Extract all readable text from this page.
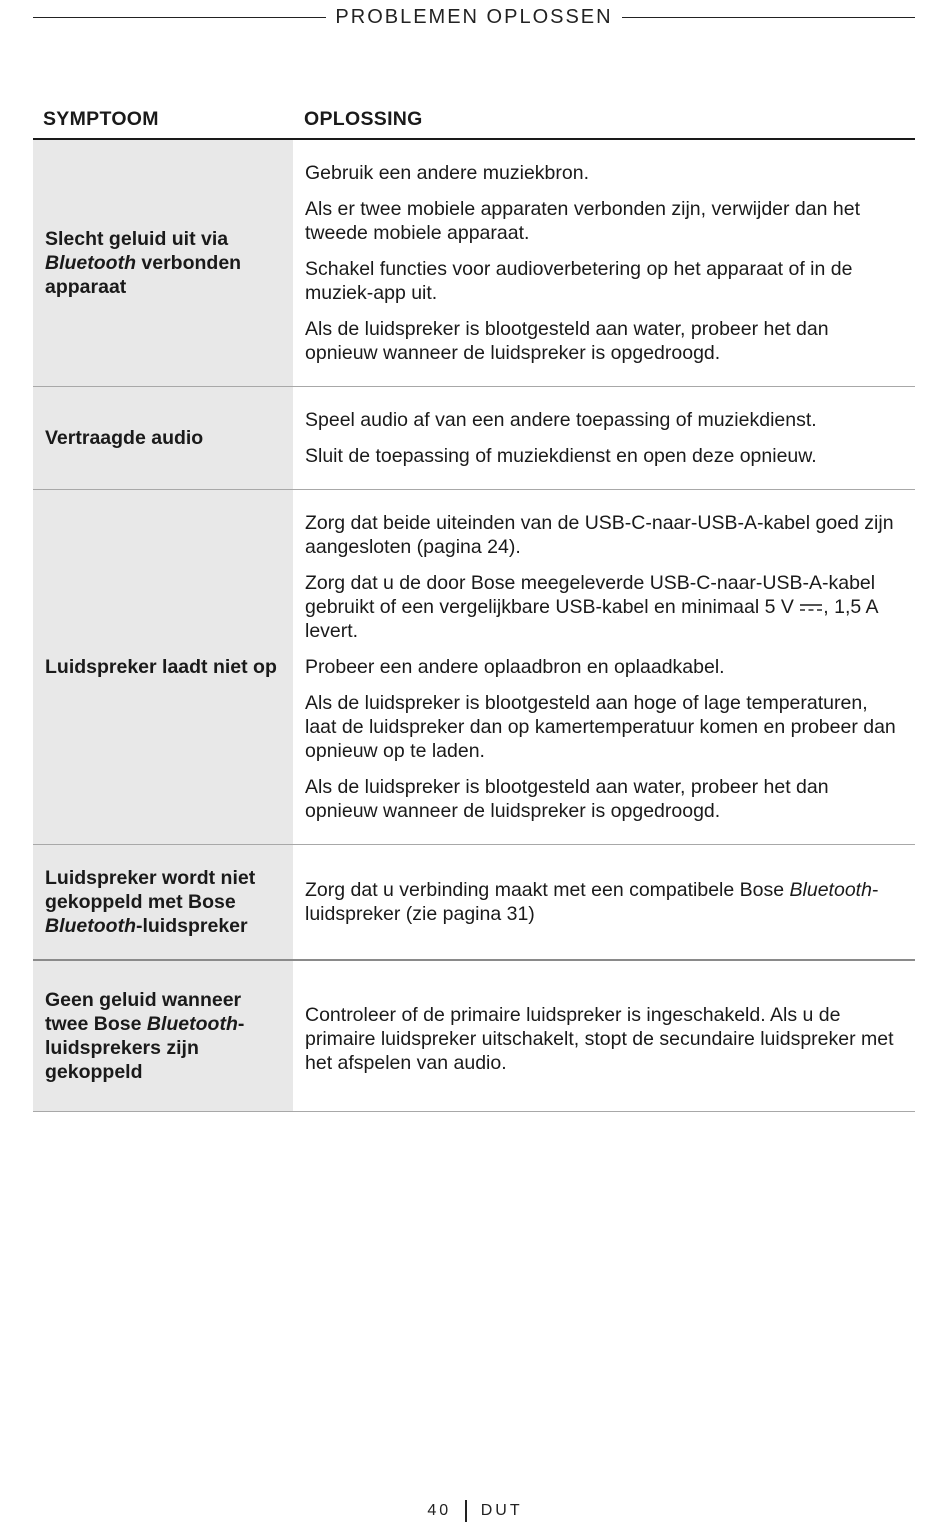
PROBLEMEN OPLOSSEN
SYMPTOOM	OPLOSSING
Slecht geluid uit via Bluetooth verbonden apparaat

Gebruik een andere muziekbron.

Als er twee mobiele apparaten verbonden zijn, verwijder dan het tweede mobiele apparaat.

Schakel functies voor audioverbetering op het apparaat of in de muziek-app uit.

Als de luidspreker is blootgesteld aan water, probeer het dan opnieuw wanneer de luidspreker is opgedroogd.

Vertraagde audio

Speel audio af van een andere toepassing of muziekdienst.

Sluit de toepassing of muziekdienst en open deze opnieuw.

Luidspreker laadt niet op

Zorg dat beide uiteinden van de USB-C-naar-USB-A-kabel goed zijn aangesloten (pagina 24).

Zorg dat u de door Bose meegeleverde USB-C-naar-USB-A-kabel gebruikt of een vergelijkbare USB-kabel en minimaal 5 V , 1,5 A levert.

Probeer een andere oplaadbron en oplaadkabel.

Als de luidspreker is blootgesteld aan hoge of lage temperaturen, laat de luidspreker dan op kamertemperatuur komen en probeer dan opnieuw op te laden.

Als de luidspreker is blootgesteld aan water, probeer het dan opnieuw wanneer de luidspreker is opgedroogd.

Luidspreker wordt niet gekoppeld met Bose Bluetooth-luidspreker

Zorg dat u verbinding maakt met een compatibele Bose Bluetooth-luidspreker (zie pagina 31)

Geen geluid wanneer twee Bose Bluetooth-luidsprekers zijn gekoppeld

Controleer of de primaire luidspreker is ingeschakeld. Als u de primaire luidspreker uitschakelt, stopt de secundaire luidspreker met het afspelen van audio.

40 DUT
